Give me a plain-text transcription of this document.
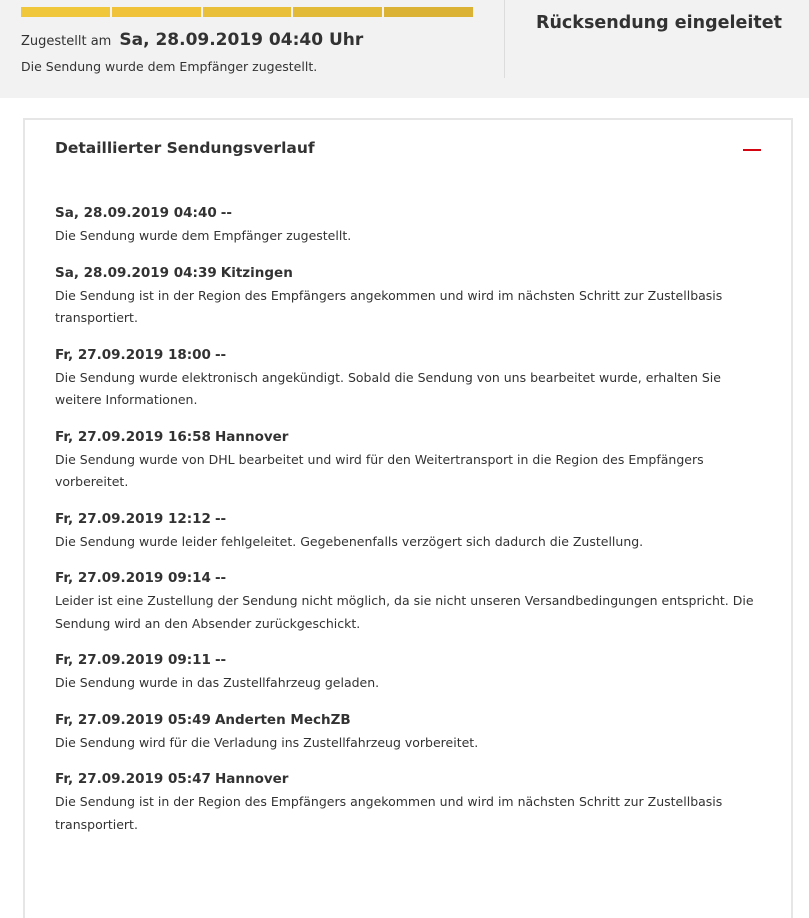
Zugestellt am Sa, 28.09.2019 04:40 Uhr
Die Sendung wurde dem Empfänger zugestellt.
Rücksendung eingeleitet
Detaillierter Sendungsverlauf
Sa, 28.09.2019 04:40 --
Die Sendung wurde dem Empfänger zugestellt.
Sa, 28.09.2019 04:39 Kitzingen
Die Sendung ist in der Region des Empfängers angekommen und wird im nächsten Schritt zur Zustellbasis transportiert.
Fr, 27.09.2019 18:00 --
Die Sendung wurde elektronisch angekündigt. Sobald die Sendung von uns bearbeitet wurde, erhalten Sie weitere Informationen.
Fr, 27.09.2019 16:58 Hannover
Die Sendung wurde von DHL bearbeitet und wird für den Weitertransport in die Region des Empfängers vorbereitet.
Fr, 27.09.2019 12:12 --
Die Sendung wurde leider fehlgeleitet. Gegebenenfalls verzögert sich dadurch die Zustellung.
Fr, 27.09.2019 09:14 --
Leider ist eine Zustellung der Sendung nicht möglich, da sie nicht unseren Versandbedingungen entspricht. Die Sendung wird an den Absender zurückgeschickt.
Fr, 27.09.2019 09:11 --
Die Sendung wurde in das Zustellfahrzeug geladen.
Fr, 27.09.2019 05:49 Anderten MechZB
Die Sendung wird für die Verladung ins Zustellfahrzeug vorbereitet.
Fr, 27.09.2019 05:47 Hannover
Die Sendung ist in der Region des Empfängers angekommen und wird im nächsten Schritt zur Zustellbasis transportiert.
